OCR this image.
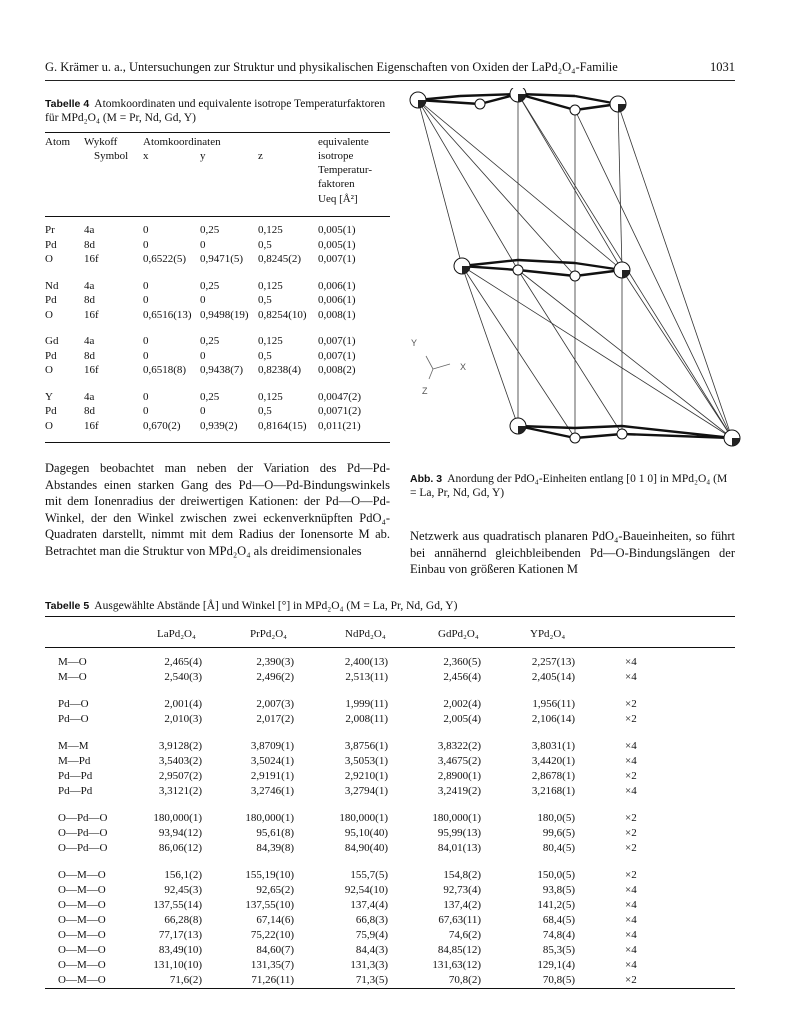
G. Krämer u. a., Untersuchungen zur Struktur und physikalischen Eigenschaften von Oxiden der LaPd₂O₄-Familie	1031
Tabelle 4 Atomkoordinaten und equivalente isotrope Temperaturfaktoren für MPd₂O₄ (M = Pr, Nd, Gd, Y)
Atom Wykoff
Symbol
Atomkoordinaten
x	y	z
equivalente
isotrope
Temperatur-
faktoren
Ueq [Å²]
Pr	4a	0	0,25	0,125	0,005(1)
Pd 8d	0	0	0,5	0,005(1)
O	16f	0,6522(5) 0,9471(5) 0,8245(2) 0,007(1)
Nd 4a	0	0,25	0,125	0,006(1)
Pd 8d	0	0	0,5	0,006(1)
O	16f	0,6516(13) 0,9498(19) 0,8254(10) 0,008(1)
Gd 4a	0	0,25	0,125	0,007(1)
Pd 8d	0	0	0,5	0,007(1)
O	16f	0,6518(8) 0,9438(7) 0,8238(4) 0,008(2)
Y	4a	0	0,25	0,125	0,0047(2)
Pd 8d	0	0	0,5	0,0071(2)
O	16f	0,670(2) 0,939(2) 0,8164(15) 0,011(21)
Y
X
Z
Abb. 3 Anordung der PdO₄-Einheiten entlang [0 1 0] in MPd₂O₄ (M = La, Pr, Nd, Gd, Y)
Dagegen beobachtet man neben der Variation des Pd—Pd-Abstandes einen starken Gang des Pd—O—Pd-Bindungswinkels mit dem Ionenradius der dreiwertigen Kationen: der Pd—O—Pd-Winkel, der den Winkel zwischen zwei eckenverknüpften PdO₄-Quadraten darstellt, nimmt mit dem Radius der Ionensorte M ab. Betrachtet man die Struktur von MPd₂O₄ als dreidimensionales
Netzwerk aus quadratisch planaren PdO₄-Baueinheiten, so führt bei annähernd gleichbleibenden Pd—O-Bindungslängen der Einbau von größeren Kationen M
Tabelle 5 Ausgewählte Abstände [Å] und Winkel [°] in MPd₂O₄ (M = La, Pr, Nd, Gd, Y)
LaPd₂O₄	PrPd₂O₄	NdPd₂O₄	GdPd₂O₄	YPd₂O₄
M—O	2,465(4)	2,390(3)	2,400(13)	2,360(5)	2,257(13)	×4
M—O	2,540(3)	2,496(2)	2,513(11)	2,456(4)	2,405(14)	×4
Pd—O	2,001(4)	2,007(3)	1,999(11)	2,002(4)	1,956(11)	×2
Pd—O	2,010(3)	2,017(2)	2,008(11)	2,005(4)	2,106(14)	×2
M—M	3,9128(2)	3,8709(1)	3,8756(1)	3,8322(2)	3,8031(1)	×4
M—Pd	3,5403(2)	3,5024(1)	3,5053(1)	3,4675(2)	3,4420(1)	×4
Pd—Pd	2,9507(2)	2,9191(1)	2,9210(1)	2,8900(1)	2,8678(1)	×2
Pd—Pd	3,3121(2)	3,2746(1)	3,2794(1)	3,2419(2)	3,2168(1)	×4
O—Pd—O	180,000(1)	180,000(1)	180,000(1)	180,000(1)	180,0(5)	×2
O—Pd—O	93,94(12)	95,61(8)	95,10(40)	95,99(13)	99,6(5)	×2
O—Pd—O	86,06(12)	84,39(8)	84,90(40)	84,01(13)	80,4(5)	×2
O—M—O	156,1(2)	155,19(10)	155,7(5)	154,8(2)	150,0(5)	×2
O—M—O	92,45(3)	92,65(2)	92,54(10)	92,73(4)	93,8(5)	×4
O—M—O	137,55(14)	137,55(10)	137,4(4)	137,4(2)	141,2(5)	×4
O—M—O	66,28(8)	67,14(6)	66,8(3)	67,63(11)	68,4(5)	×4
O—M—O	77,17(13)	75,22(10)	75,9(4)	74,6(2)	74,8(4)	×4
O—M—O	83,49(10)	84,60(7)	84,4(3)	84,85(12)	85,3(5)	×4
O—M—O	131,10(10)	131,35(7)	131,3(3)	131,63(12)	129,1(4)	×4
O—M—O	71,6(2)	71,26(11)	71,3(5)	70,8(2)	70,8(5)	×2
